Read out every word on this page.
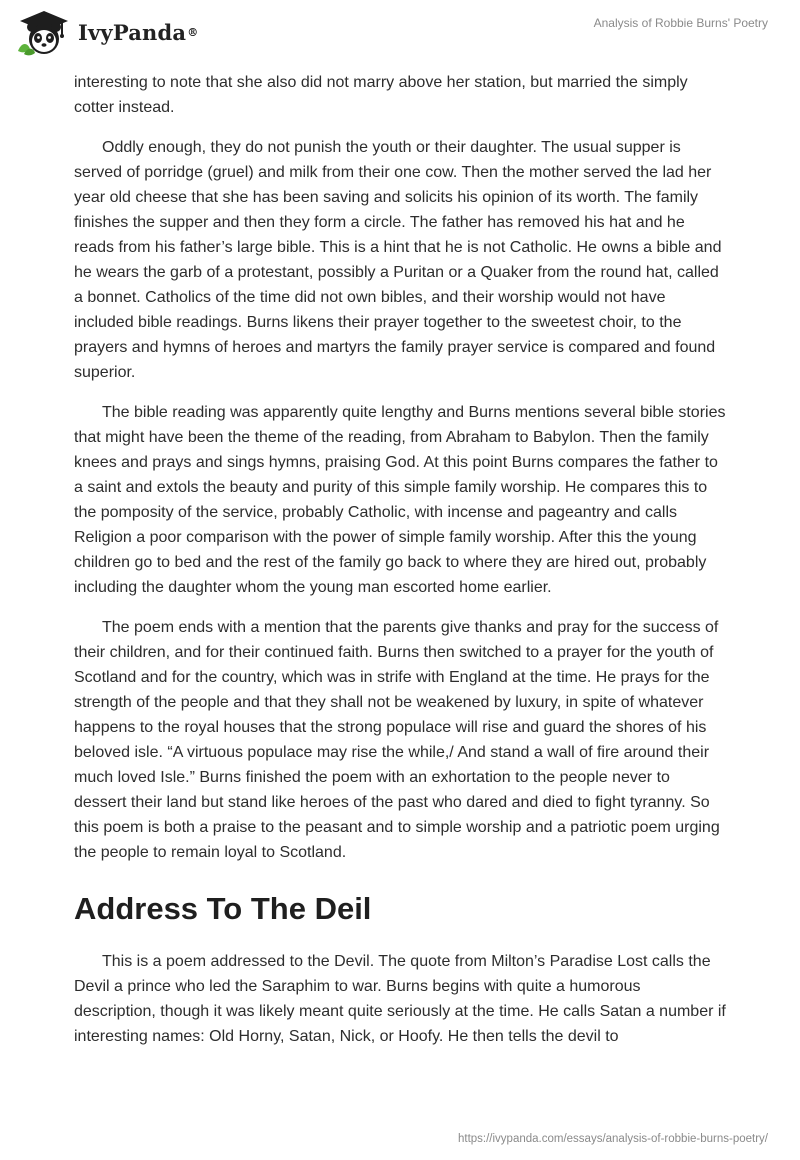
IvyPanda ®
Analysis of Robbie Burns' Poetry

interesting to note that she also did not marry above her station, but married the simply cotter instead.

Oddly enough, they do not punish the youth or their daughter. The usual supper is served of porridge (gruel) and milk from their one cow. Then the mother served the lad her year old cheese that she has been saving and solicits his opinion of its worth. The family finishes the supper and then they form a circle. The father has removed his hat and he reads from his father’s large bible. This is a hint that he is not Catholic. He owns a bible and he wears the garb of a protestant, possibly a Puritan or a Quaker from the round hat, called a bonnet. Catholics of the time did not own bibles, and their worship would not have included bible readings. Burns likens their prayer together to the sweetest choir, to the prayers and hymns of heroes and martyrs the family prayer service is compared and found superior.

The bible reading was apparently quite lengthy and Burns mentions several bible stories that might have been the theme of the reading, from Abraham to Babylon. Then the family knees and prays and sings hymns, praising God. At this point Burns compares the father to a saint and extols the beauty and purity of this simple family worship. He compares this to the pomposity of the service, probably Catholic, with incense and pageantry and calls Religion a poor comparison with the power of simple family worship. After this the young children go to bed and the rest of the family go back to where they are hired out, probably including the daughter whom the young man escorted home earlier.

The poem ends with a mention that the parents give thanks and pray for the success of their children, and for their continued faith. Burns then switched to a prayer for the youth of Scotland and for the country, which was in strife with England at the time. He prays for the strength of the people and that they shall not be weakened by luxury, in spite of whatever happens to the royal houses that the strong populace will rise and guard the shores of his beloved isle. “A virtuous populace may rise the while,/ And stand a wall of fire around their much loved Isle.” Burns finished the poem with an exhortation to the people never to dessert their land but stand like heroes of the past who dared and died to fight tyranny. So this poem is both a praise to the peasant and to simple worship and a patriotic poem urging the people to remain loyal to Scotland.

Address To The Deil

This is a poem addressed to the Devil. The quote from Milton’s Paradise Lost calls the Devil a prince who led the Saraphim to war. Burns begins with quite a humorous description, though it was likely meant quite seriously at the time. He calls Satan a number if interesting names: Old Horny, Satan, Nick, or Hoofy. He then tells the devil to

https://ivypanda.com/essays/analysis-of-robbie-burns-poetry/
